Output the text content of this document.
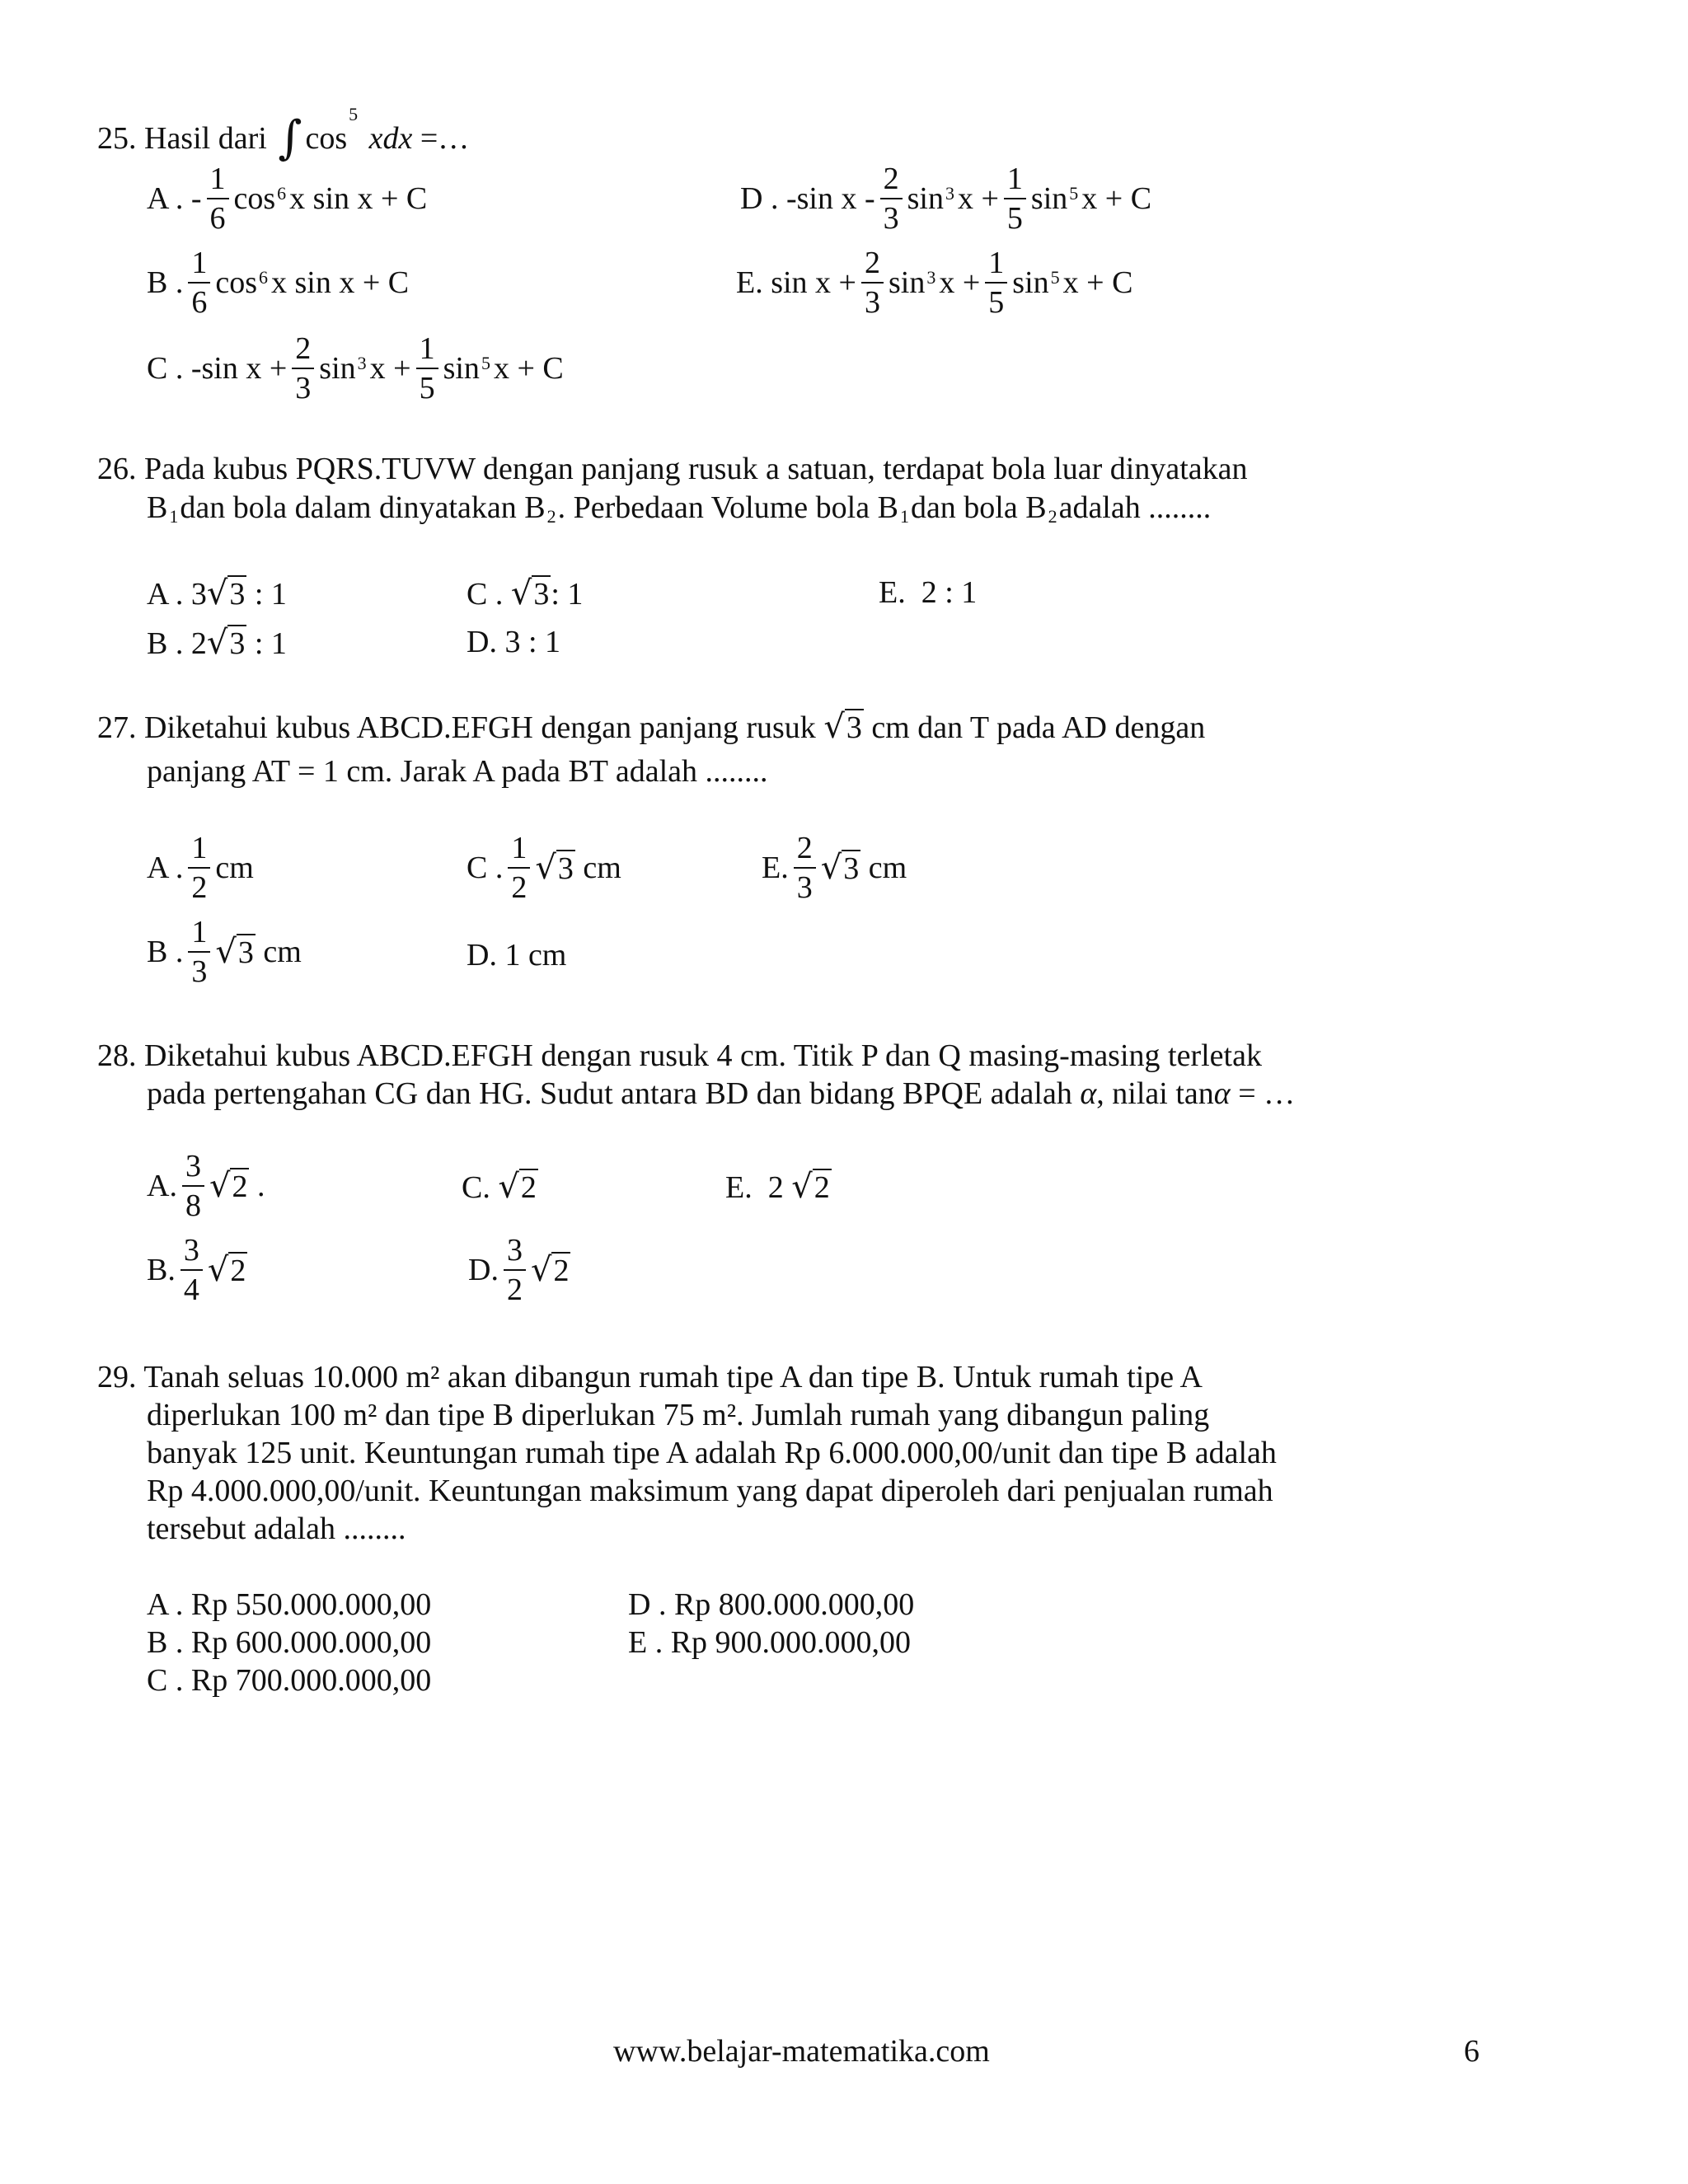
25. Hasil dari ∫ $\cos^5$ xdx =…
A . - $\frac{1}{6} \cos^6 x$ sin x + C
B . $\frac{1}{6} \cos^6 x$ sin x + C
C . -sin $x + \frac{2}{3} \sin^3 x + \frac{1}{5} \sin^5 x + C$
D . -sin $x - \frac{2}{3} \sin^3 x + \frac{1}{5} \sin^5 x + C$
E. $\sin x + \frac{2}{3} \sin^3 x + \frac{1}{5} \sin^5 x + C$
26. Pada kubus PQRS.TUVW dengan panjang rusuk a satuan, terdapat bola luar dinyatakan
$B_1dan$ bola dalam dinyatakan $B_2$. Perbedaan Volume bola $B_1dan$ bola $B_2adalah$ ........
A . 3√3 : 1
B . 2√3 : 1
C . √3: 1
D. 3 : 1
E.  2 : 1
27. Diketahui kubus ABCD.EFGH dengan panjang rusuk √3 cm dan T pada AD dengan
panjang AT = 1 cm. Jarak A pada BT adalah ........
A . $\frac{1}{2}$ cm
B . $\frac{1}{3} √3$
cm
C . $\frac{1}{2} √3$
cm
D. 1 cm
E. $\frac{2}{3} √3$
cm
28. Diketahui kubus ABCD.EFGH dengan rusuk 4 cm. Titik P dan Q masing-masing terletak
pada pertengahan CG dan HG. Sudut antara BD dan bidang BPQE adalah α, nilai tanα = …
A. $\frac{3}{8} √2$
.
B. $\frac{3}{4} √2$
C. √2
D. $\frac{3}{2} √2$
E.  2 √2
29. Tanah seluas 10.000 m² akan dibangun rumah tipe A dan tipe B. Untuk rumah tipe A
diperlukan 100 m² dan tipe B diperlukan 75 m². Jumlah rumah yang dibangun paling
banyak 125 unit. Keuntungan rumah tipe A adalah Rp 6.000.000,00/unit dan tipe B adalah
Rp 4.000.000,00/unit. Keuntungan maksimum yang dapat diperoleh dari penjualan rumah
tersebut adalah ........
A . Rp 550.000.000,00
B . Rp 600.000.000,00
C . Rp 700.000.000,00
D . Rp 800.000.000,00
E . Rp 900.000.000,00
www.belajar-matematika.com	6
